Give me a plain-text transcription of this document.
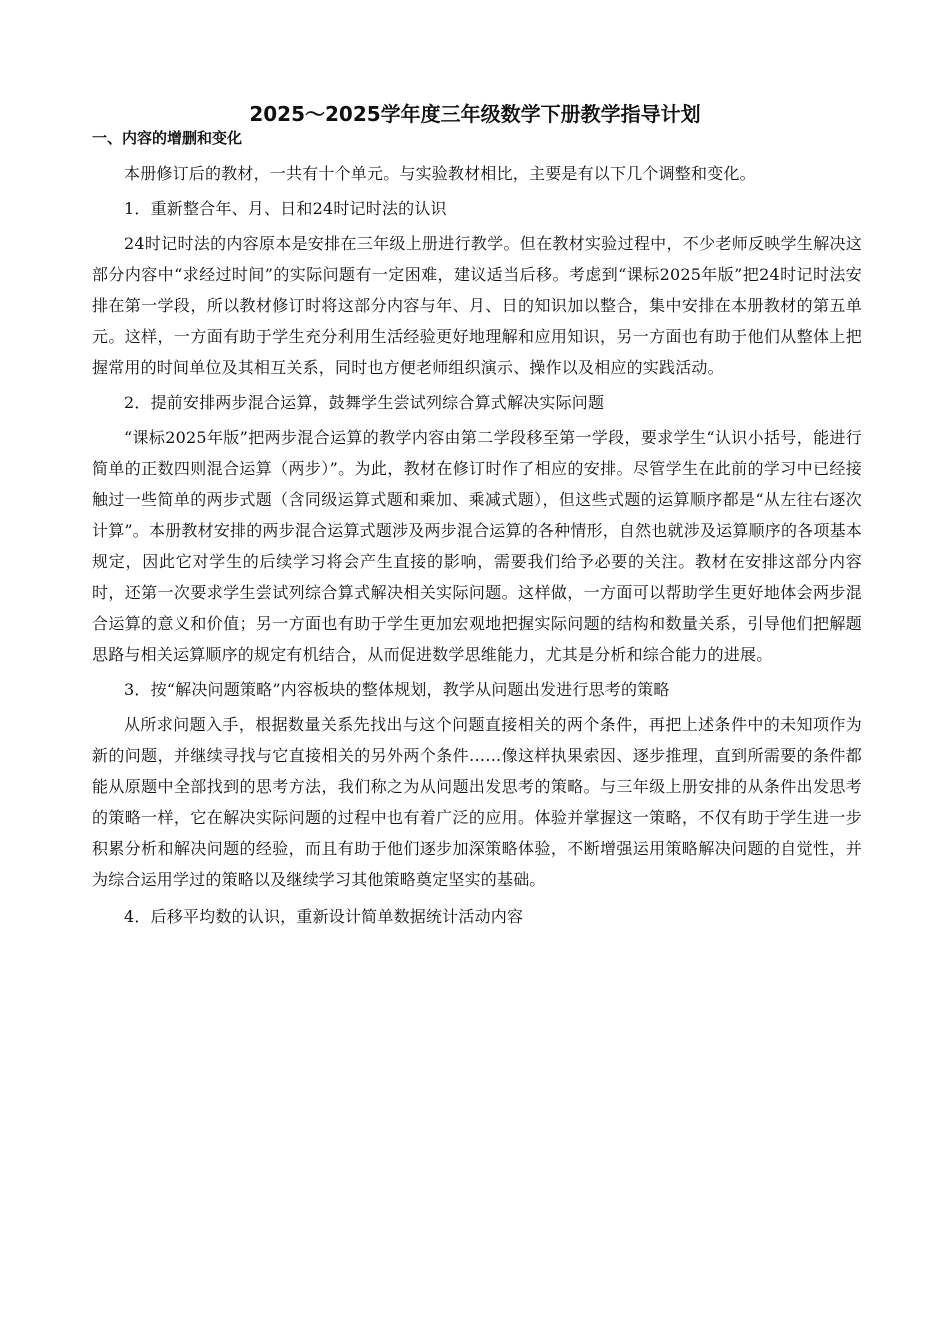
2025～2025学年度三年级数学下册教学指导计划
一、内容的增删和变化

本册修订后的教材，一共有十个单元。与实验教材相比，主要是有以下几个调整和变化。

1．重新整合年、月、日和24时记时法的认识

24时记时法的内容原本是安排在三年级上册进行教学。但在教材实验过程中，不少老师反映学生解决这部分内容中“求经过时间”的实际问题有一定困难，建议适当后移。考虑到“课标2025年版”把24时记时法安排在第一学段，所以教材修订时将这部分内容与年、月、日的知识加以整合，集中安排在本册教材的第五单元。这样，一方面有助于学生充分利用生活经验更好地理解和应用知识，另一方面也有助于他们从整体上把握常用的时间单位及其相互关系，同时也方便老师组织演示、操作以及相应的实践活动。

2．提前安排两步混合运算，鼓舞学生尝试列综合算式解决实际问题

“课标2025年版”把两步混合运算的教学内容由第二学段移至第一学段，要求学生“认识小括号，能进行简单的正数四则混合运算（两步）”。为此，教材在修订时作了相应的安排。尽管学生在此前的学习中已经接触过一些简单的两步式题（含同级运算式题和乘加、乘减式题），但这些式题的运算顺序都是“从左往右逐次计算”。本册教材安排的两步混合运算式题涉及两步混合运算的各种情形，自然也就涉及运算顺序的各项基本规定，因此它对学生的后续学习将会产生直接的影响，需要我们给予必要的关注。教材在安排这部分内容时，还第一次要求学生尝试列综合算式解决相关实际问题。这样做，一方面可以帮助学生更好地体会两步混合运算的意义和价值；另一方面也有助于学生更加宏观地把握实际问题的结构和数量关系，引导他们把解题思路与相关运算顺序的规定有机结合，从而促进数学思维能力，尤其是分析和综合能力的进展。

3．按“解决问题策略”内容板块的整体规划，教学从问题出发进行思考的策略

从所求问题入手，根据数量关系先找出与这个问题直接相关的两个条件，再把上述条件中的未知项作为新的问题，并继续寻找与它直接相关的另外两个条件……像这样执果索因、逐步推理，直到所需要的条件都能从原题中全部找到的思考方法，我们称之为从问题出发思考的策略。与三年级上册安排的从条件出发思考的策略一样，它在解决实际问题的过程中也有着广泛的应用。体验并掌握这一策略，不仅有助于学生进一步积累分析和解决问题的经验，而且有助于他们逐步加深策略体验，不断增强运用策略解决问题的自觉性，并为综合运用学过的策略以及继续学习其他策略奠定坚实的基础。

4．后移平均数的认识，重新设计简单数据统计活动内容
